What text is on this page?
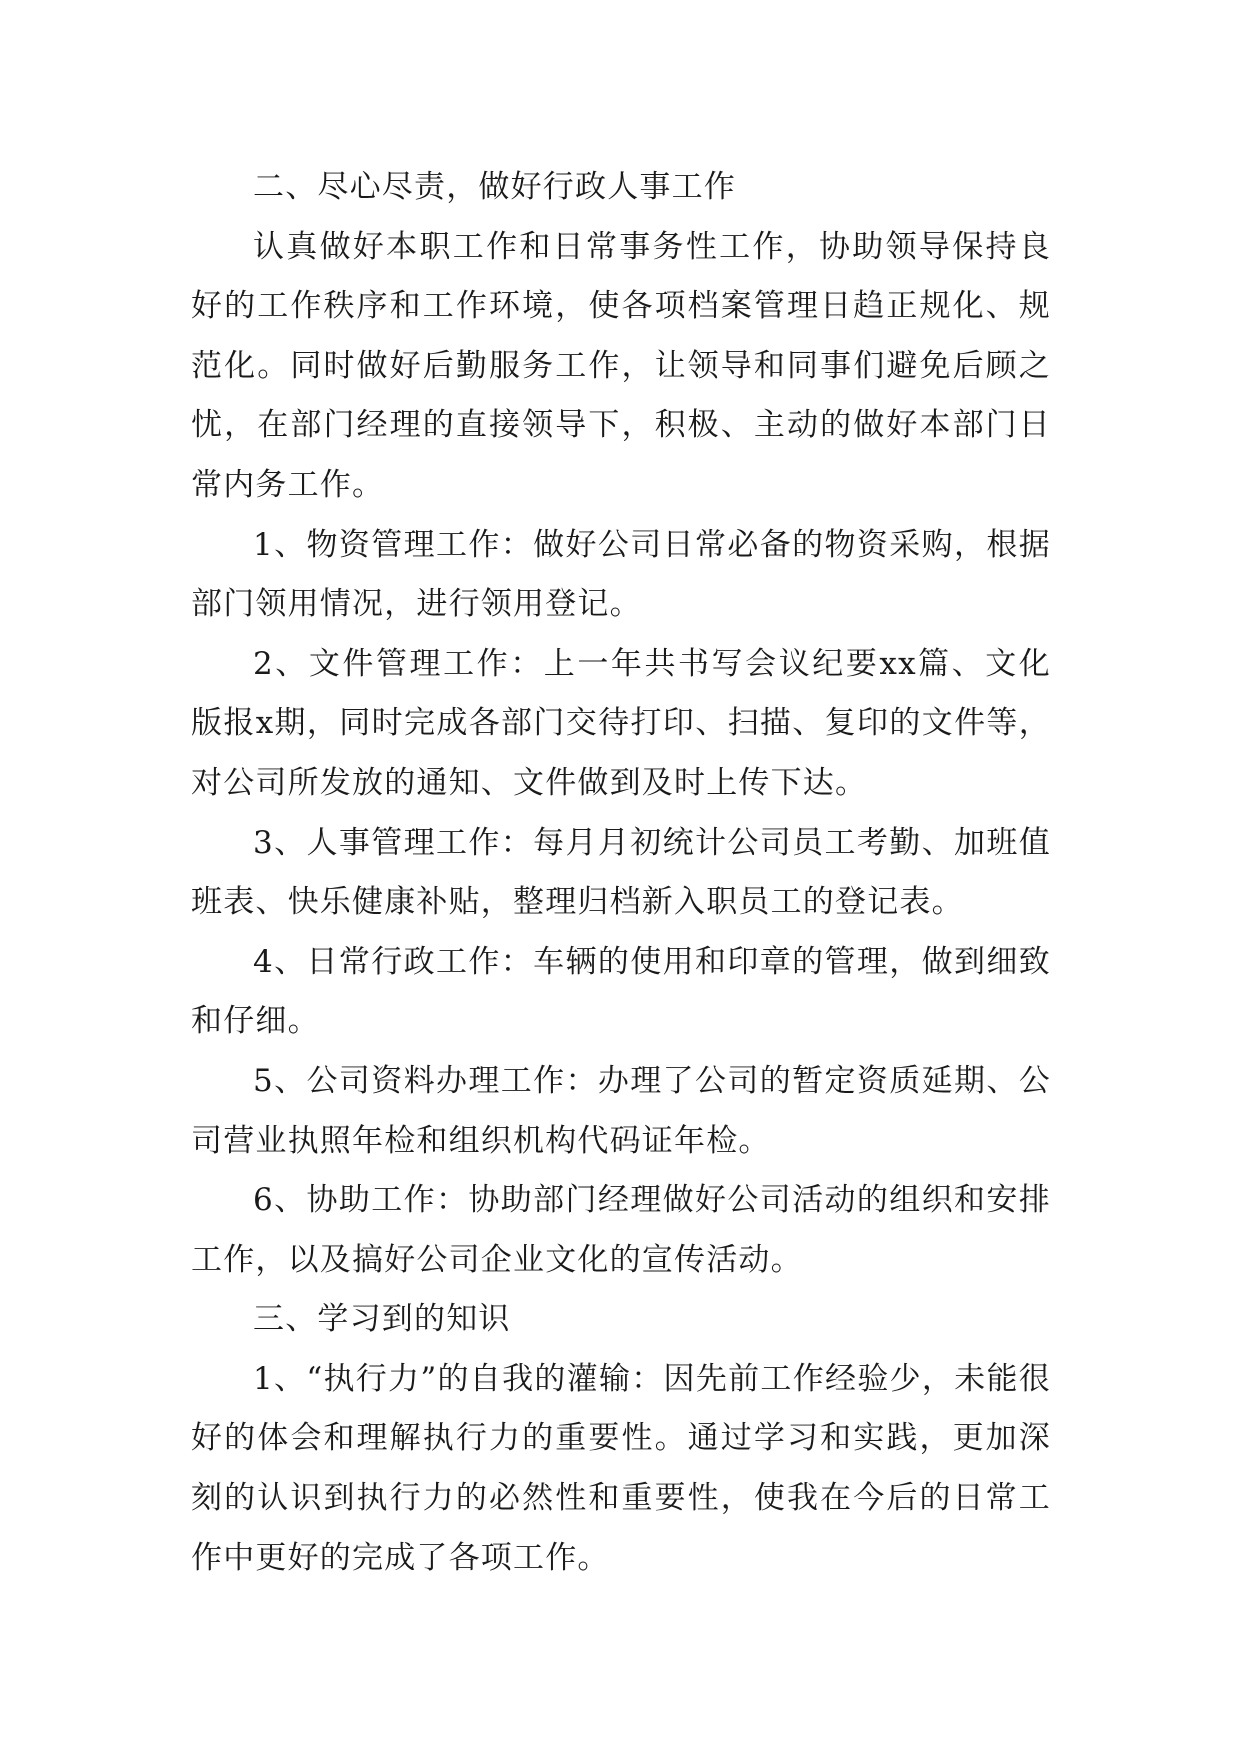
二、尽心尽责，做好行政人事工作

认真做好本职工作和日常事务性工作，协助领导保持良好的工作秩序和工作环境，使各项档案管理日趋正规化、规范化。同时做好后勤服务工作，让领导和同事们避免后顾之忧，在部门经理的直接领导下，积极、主动的做好本部门日常内务工作。

1、物资管理工作：做好公司日常必备的物资采购，根据部门领用情况，进行领用登记。

2、文件管理工作：上一年共书写会议纪要xx篇、文化版报x期，同时完成各部门交待打印、扫描、复印的文件等，对公司所发放的通知、文件做到及时上传下达。

3、人事管理工作：每月月初统计公司员工考勤、加班值班表、快乐健康补贴，整理归档新入职员工的登记表。

4、日常行政工作：车辆的使用和印章的管理，做到细致和仔细。

5、公司资料办理工作：办理了公司的暂定资质延期、公司营业执照年检和组织机构代码证年检。

6、协助工作：协助部门经理做好公司活动的组织和安排工作，以及搞好公司企业文化的宣传活动。

三、学习到的知识

1、“执行力”的自我的灌输：因先前工作经验少，未能很好的体会和理解执行力的重要性。通过学习和实践，更加深刻的认识到执行力的必然性和重要性，使我在今后的日常工作中更好的完成了各项工作。
